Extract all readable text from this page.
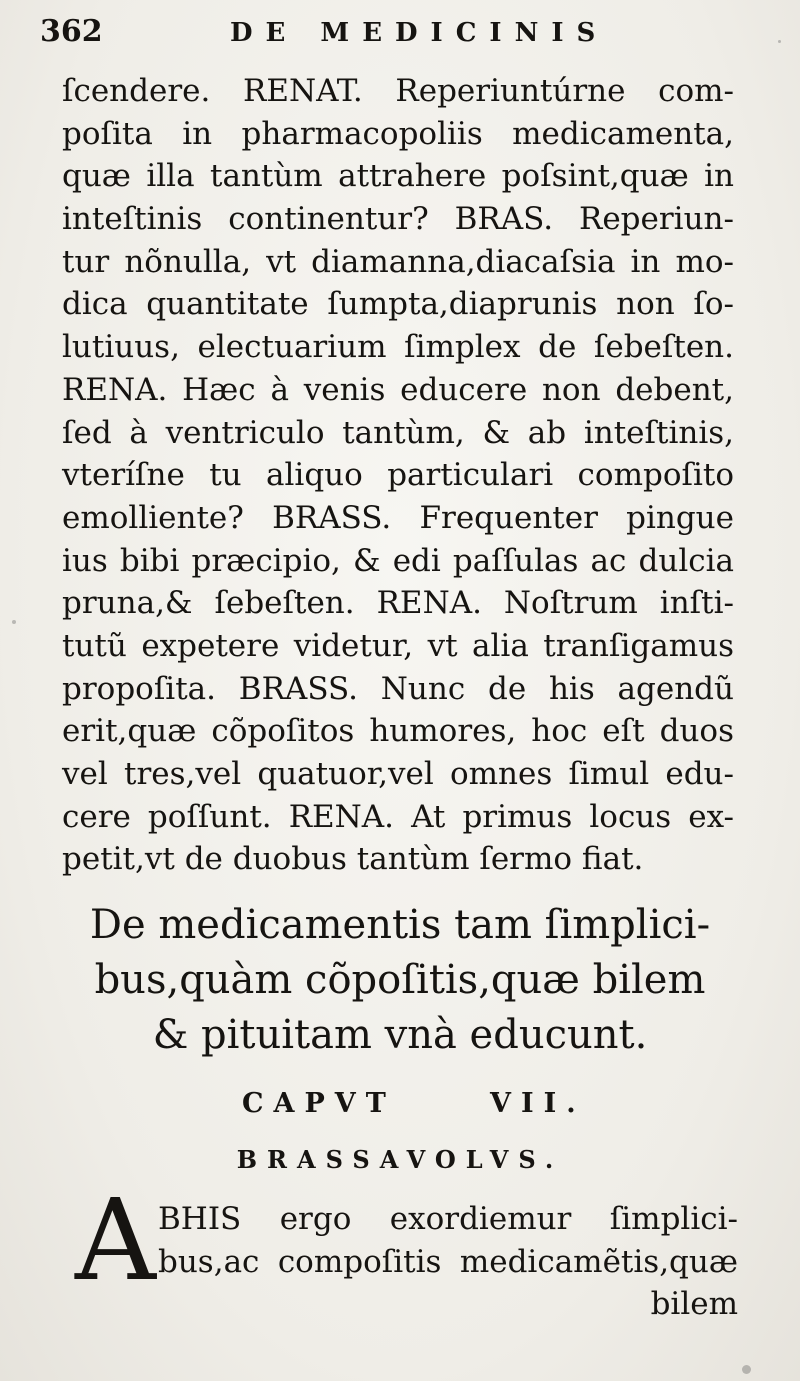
362	DE MEDICINIS
ſcendere. RENAT. Reperiuntúrne com-
poſita in pharmacopoliis medicamenta,
quæ illa tantùm attrahere poſsint,quæ in
inteſtinis continentur? BRAS. Reperiun-
tur nõnulla, vt diamanna,diacaſsia in mo-
dica quantitate ſumpta,diaprunis non ſo-
lutiuus, electuarium ſimplex de ſebeſten.
RENA. Hæc à venis educere non debent,
ſed à ventriculo tantùm, & ab inteſtinis,
vteríſne tu aliquo particulari compoſito
emolliente? BRASS. Frequenter pingue
ius bibi præcipio, & edi paſſulas ac dulcia
pruna,& ſebeſten. RENA. Noſtrum inſti-
tutũ expetere videtur, vt alia tranſigamus
propoſita. BRASS. Nunc de his agendũ
erit,quæ cõpoſitos humores, hoc eſt duos
vel tres,vel quatuor,vel omnes ſimul edu-
cere poſſunt. RENA. At primus locus ex-
petit,vt de duobus tantùm ſermo fiat.
De medicamentis tam ſimplici-
bus,quàm cõpoſitis,quæ bilem
& pituitam vnà educunt.
CAPVT	VII.
BRASSAVOLVS.
A BHIS ergo exordiemur ſimplici-
bus,ac compoſitis medicamẽtis,quæ
bilem
